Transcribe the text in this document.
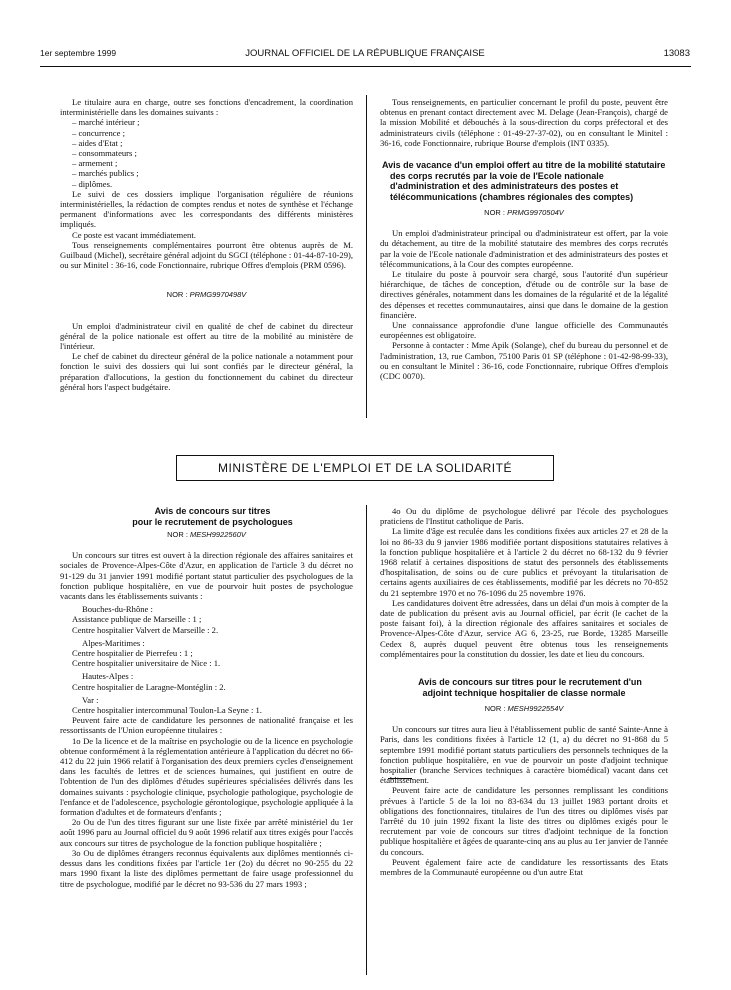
1er septembre 1999	JOURNAL OFFICIEL DE LA RÉPUBLIQUE FRANÇAISE	13083

Le titulaire aura en charge, outre ses fonctions d'encadrement, la coordination interministérielle dans les domaines suivants :

– marché intérieur ;
– concurrence ;
– aides d'Etat ;
– consommateurs ;
– armement ;
– marchés publics ;
– diplômes.

Le suivi de ces dossiers implique l'organisation régulière de réunions interministérielles, la rédaction de comptes rendus et notes de synthèse et l'échange permanent d'informations avec les correspondants des différents ministères impliqués.

Ce poste est vacant immédiatement.

Tous renseignements complémentaires pourront être obtenus auprès de M. Guilbaud (Michel), secrétaire général adjoint du SGCI (téléphone : 01-44-87-10-29), ou sur Minitel : 36-16, code Fonctionnaire, rubrique Offres d'emplois (PRM 0596).

NOR : PRMG9970498V

Un emploi d'administrateur civil en qualité de chef de cabinet du directeur général de la police nationale est offert au titre de la mobilité au ministère de l'intérieur.

Le chef de cabinet du directeur général de la police nationale a notamment pour fonction le suivi des dossiers qui lui sont confiés par le directeur général, la préparation d'allocutions, la gestion du fonctionnement du cabinet du directeur général hors l'aspect budgétaire.

Tous renseignements, en particulier concernant le profil du poste, peuvent être obtenus en prenant contact directement avec M. Delage (Jean-François), chargé de la mission Mobilité et débouchés à la sous-direction du corps préfectoral et des administrateurs civils (téléphone : 01-49-27-37-02), ou en consultant le Minitel : 36-16, code Fonctionnaire, rubrique Bourse d'emplois (INT 0335).

Avis de vacance d'un emploi offert au titre de la mobilité statutaire des corps recrutés par la voie de l'Ecole nationale d'administration et des administrateurs des postes et télécommunications (chambres régionales des comptes)

NOR : PRMG9970504V

Un emploi d'administrateur principal ou d'administrateur est offert, par la voie du détachement, au titre de la mobilité statutaire des membres des corps recrutés par la voie de l'Ecole nationale d'administration et des administrateurs des postes et télécommunications, à la Cour des comptes européenne.

Le titulaire du poste à pourvoir sera chargé, sous l'autorité d'un supérieur hiérarchique, de tâches de conception, d'étude ou de contrôle sur la base de directives générales, notamment dans les domaines de la régularité et de la légalité des dépenses et recettes communautaires, ainsi que dans le domaine de la gestion financière.

Une connaissance approfondie d'une langue officielle des Communautés européennes est obligatoire.

Personne à contacter : Mme Apik (Solange), chef du bureau du personnel et de l'administration, 13, rue Cambon, 75100 Paris 01 SP (téléphone : 01-42-98-99-33), ou en consultant le Minitel : 36-16, code Fonctionnaire, rubrique Offres d'emplois (CDC 0070).

MINISTÈRE DE L'EMPLOI ET DE LA SOLIDARITÉ

Avis de concours sur titres

pour le recrutement de psychologues

NOR : MESH9922560V

Un concours sur titres est ouvert à la direction régionale des affaires sanitaires et sociales de Provence-Alpes-Côte d'Azur, en application de l'article 3 du décret no 91-129 du 31 janvier 1991 modifié portant statut particulier des psychologues de la fonction publique hospitalière, en vue de pourvoir huit postes de psychologue vacants dans les établissements suivants :

Bouches-du-Rhône :

Assistance publique de Marseille : 1 ;

Centre hospitalier Valvert de Marseille : 2.

Alpes-Maritimes :

Centre hospitalier de Pierrefeu : 1 ;

Centre hospitalier universitaire de Nice : 1.

Hautes-Alpes :

Centre hospitalier de Laragne-Montéglin : 2.

Var :

Centre hospitalier intercommunal Toulon-La Seyne : 1.

Peuvent faire acte de candidature les personnes de nationalité française et les ressortissants de l'Union européenne titulaires :

1o De la licence et de la maîtrise en psychologie ou de la licence en psychologie obtenue conformément à la réglementation antérieure à l'application du décret no 66-412 du 22 juin 1966 relatif à l'organisation des deux premiers cycles d'enseignement dans les facultés de lettres et de sciences humaines, qui justifient en outre de l'obtention de l'un des diplômes d'études supérieures spécialisées délivrés dans les domaines suivants : psychologie clinique, psychologie pathologique, psychologie de l'enfance et de l'adolescence, psychologie gérontologique, psychologie appliquée à la formation d'adultes et de formateurs d'enfants ;

2o Ou de l'un des titres figurant sur une liste fixée par arrêté ministériel du 1er août 1996 paru au Journal officiel du 9 août 1996 relatif aux titres exigés pour l'accès aux concours sur titres de psychologue de la fonction publique hospitalière ;

3o Ou de diplômes étrangers reconnus équivalents aux diplômes mentionnés ci-dessus dans les conditions fixées par l'article 1er (2o) du décret no 90-255 du 22 mars 1990 fixant la liste des diplômes permettant de faire usage professionnel du titre de psychologue, modifié par le décret no 93-536 du 27 mars 1993 ;

4o Ou du diplôme de psychologue délivré par l'école des psychologues praticiens de l'Institut catholique de Paris.

La limite d'âge est reculée dans les conditions fixées aux articles 27 et 28 de la loi no 86-33 du 9 janvier 1986 modifiée portant dispositions statutaires relatives à la fonction publique hospitalière et à l'article 2 du décret no 68-132 du 9 février 1968 relatif à certaines dispositions de statut des personnels des établissements d'hospitalisation, de soins ou de cure publics et prévoyant la titularisation de certains agents auxiliaires de ces établissements, modifié par les décrets no 70-852 du 21 septembre 1970 et no 76-1096 du 25 novembre 1976.

Les candidatures doivent être adressées, dans un délai d'un mois à compter de la date de publication du présent avis au Journal officiel, par écrit (le cachet de la poste faisant foi), à la direction régionale des affaires sanitaires et sociales de Provence-Alpes-Côte d'Azur, service AG 6, 23-25, rue Borde, 13285 Marseille Cedex 8, auprès duquel peuvent être obtenus tous les renseignements complémentaires pour la constitution du dossier, les date et lieu du concours.

Avis de concours sur titres pour le recrutement d'un adjoint technique hospitalier de classe normale

NOR : MESH9922554V

Un concours sur titres aura lieu à l'établissement public de santé Sainte-Anne à Paris, dans les conditions fixées à l'article 12 (1, a) du décret no 91-868 du 5 septembre 1991 modifié portant statuts particuliers des personnels techniques de la fonction publique hospitalière, en vue de pourvoir un poste d'adjoint technique hospitalier (branche Services techniques à caractère biomédical) vacant dans cet établissement.

Peuvent faire acte de candidature les personnes remplissant les conditions prévues à l'article 5 de la loi no 83-634 du 13 juillet 1983 portant droits et obligations des fonctionnaires, titulaires de l'un des titres ou diplômes visés par l'arrêté du 10 juin 1992 fixant la liste des titres ou diplômes exigés pour le recrutement par voie de concours sur titres d'adjoint technique de la fonction publique hospitalière et âgées de quarante-cinq ans au plus au 1er janvier de l'année du concours.

Peuvent également faire acte de candidature les ressortissants des Etats membres de la Communauté européenne ou d'un autre Etat
